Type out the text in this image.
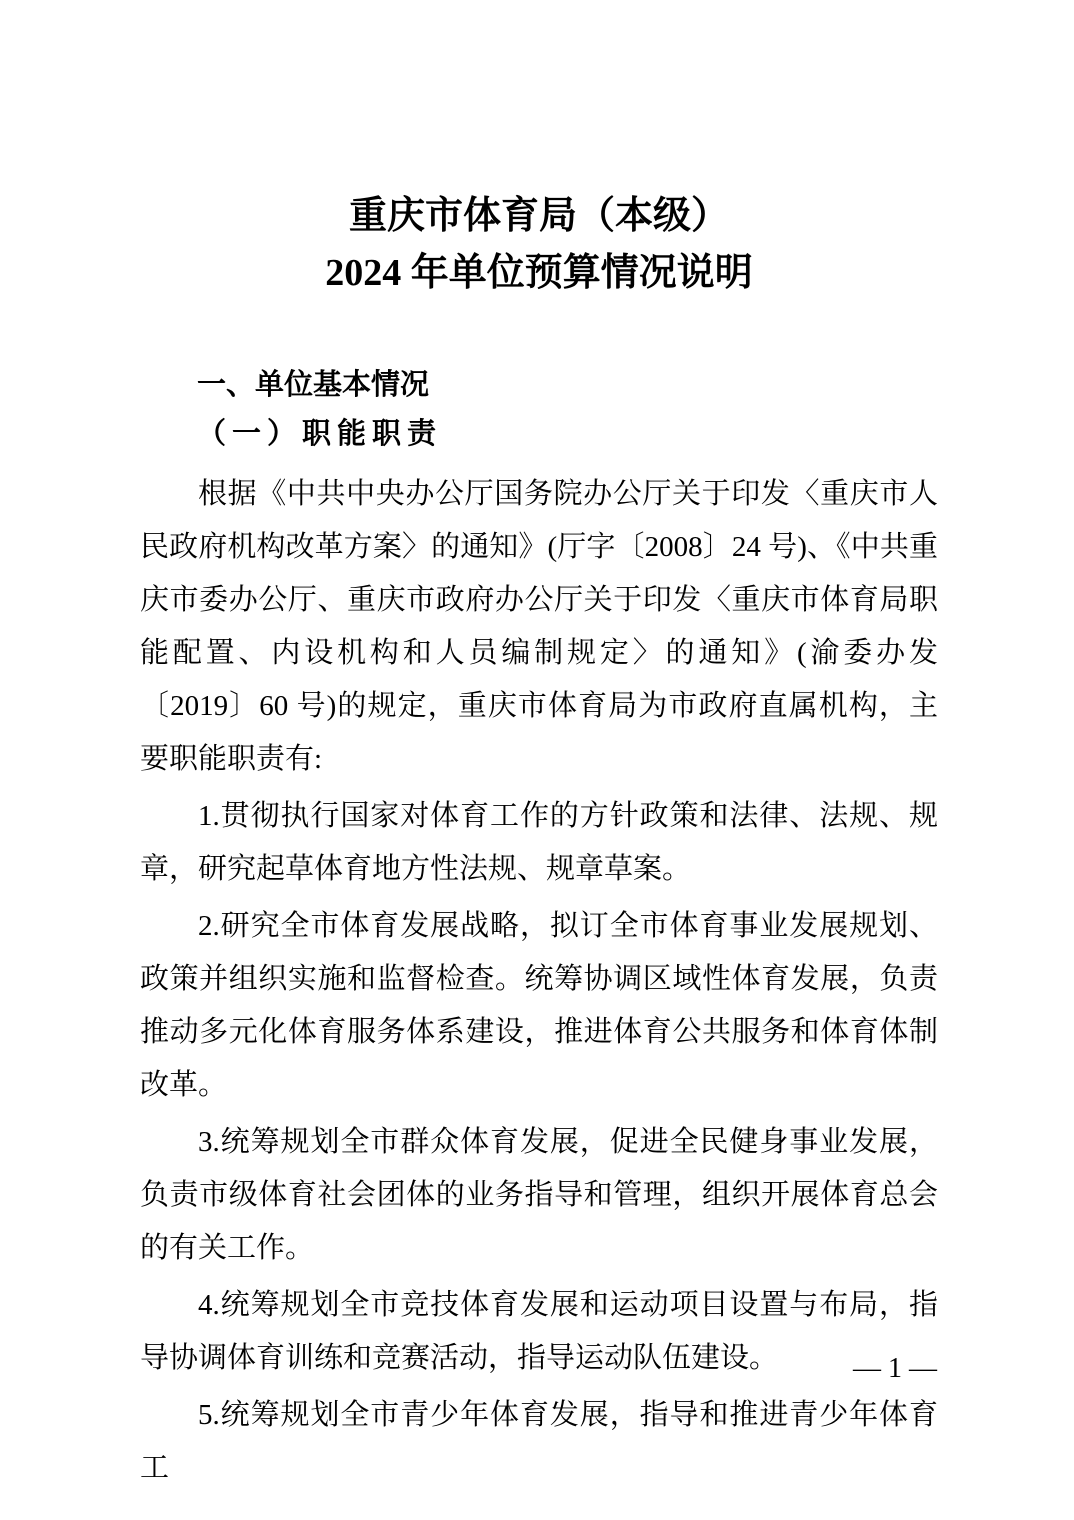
重庆市体育局（本级）
2024 年单位预算情况说明
一、单位基本情况
（一）职能职责

根据《中共中央办公厅国务院办公厅关于印发〈重庆市人民政府机构改革方案〉的通知》(厅字〔2008〕24 号)、《中共重庆市委办公厅、重庆市政府办公厅关于印发〈重庆市体育局职能配置、内设机构和人员编制规定〉的通知》(渝委办发〔2019〕60 号)的规定，重庆市体育局为市政府直属机构，主要职能职责有:

1.贯彻执行国家对体育工作的方针政策和法律、法规、规章，研究起草体育地方性法规、规章草案。

2.研究全市体育发展战略，拟订全市体育事业发展规划、政策并组织实施和监督检查。统筹协调区域性体育发展，负责推动多元化体育服务体系建设，推进体育公共服务和体育体制改革。

3.统筹规划全市群众体育发展，促进全民健身事业发展，负责市级体育社会团体的业务指导和管理，组织开展体育总会的有关工作。

4.统筹规划全市竞技体育发展和运动项目设置与布局，指导协调体育训练和竞赛活动，指导运动队伍建设。

5.统筹规划全市青少年体育发展，指导和推进青少年体育工

— 1 —
